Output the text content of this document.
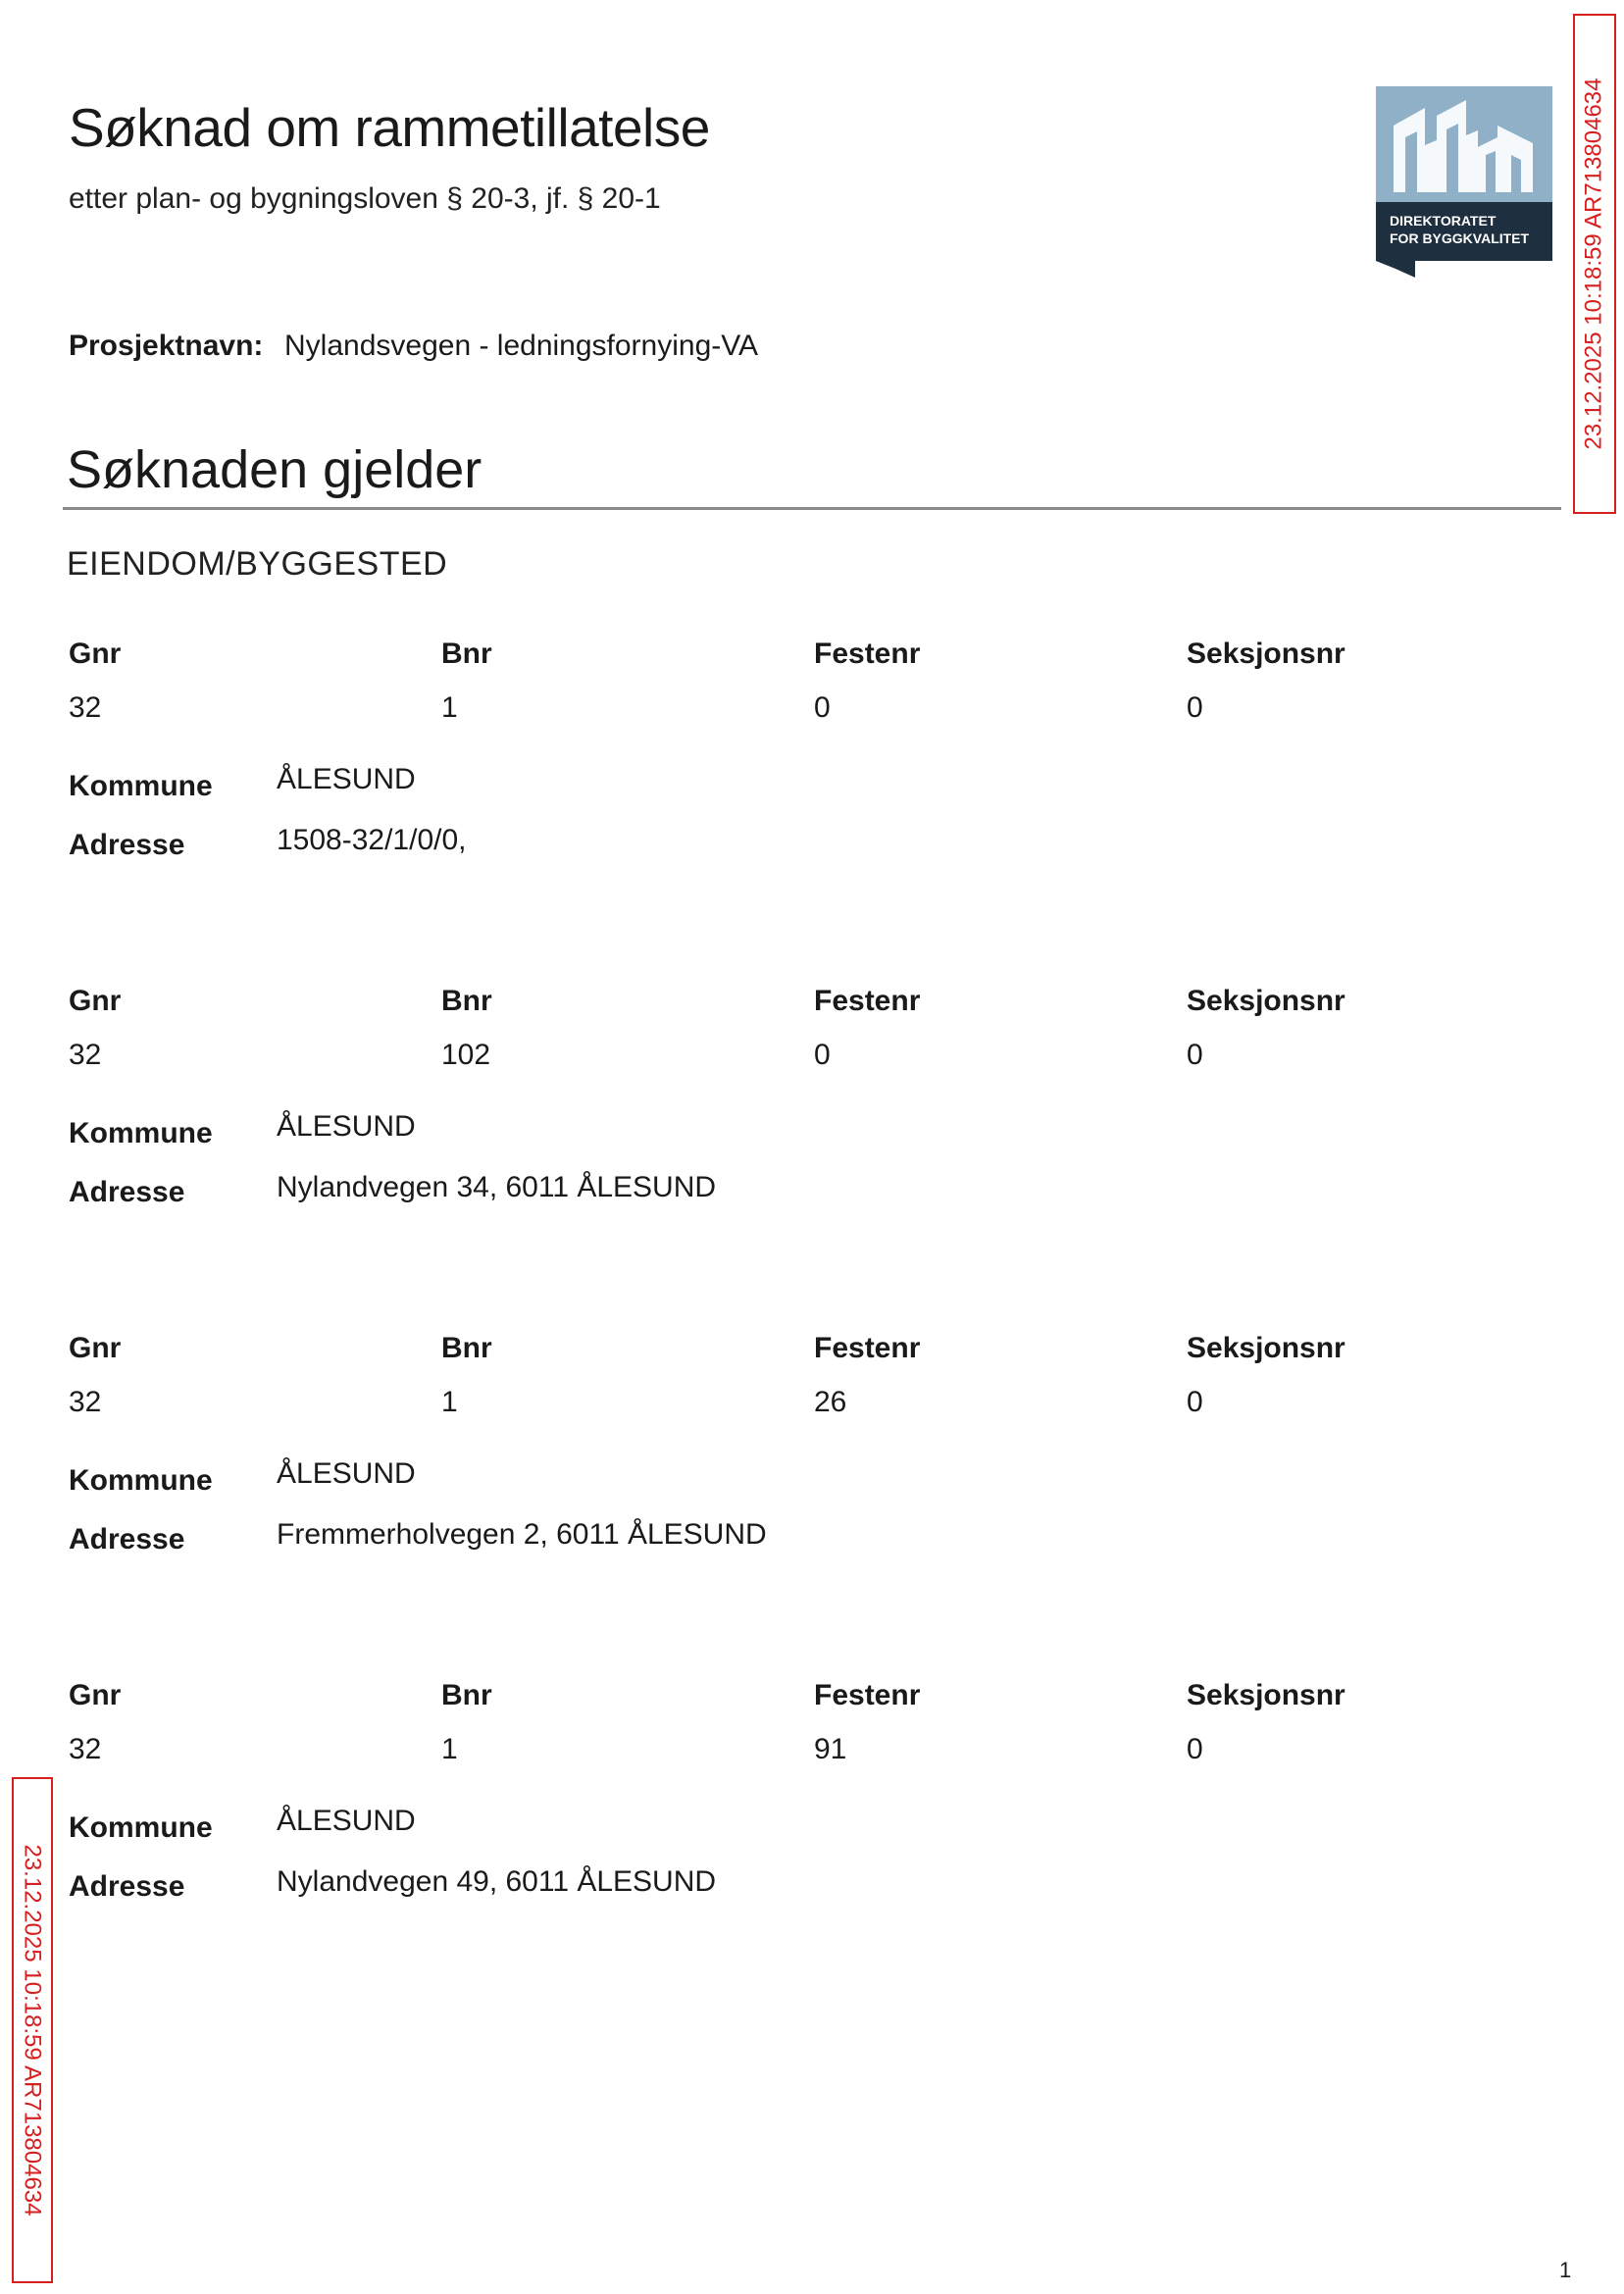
Søknad om rammetillatelse
etter plan- og bygningsloven § 20-3, jf. § 20-1
DIREKTORATET
FOR BYGGKVALITET
Prosjektnavn: Nylandsvegen - ledningsfornying-VA
Søknaden gjelder
EIENDOM/BYGGESTED
Gnr	Bnr	Festenr	Seksjonsnr
32	1	0	0
Kommune ÅLESUND
Adresse	1508-32/1/0/0,
Gnr	Bnr	Festenr	Seksjonsnr
32	102	0	0
Kommune ÅLESUND
Adresse	Nylandvegen 34, 6011 ÅLESUND
Gnr	Bnr	Festenr	Seksjonsnr
32	1	26	0
Kommune ÅLESUND
Adresse	Fremmerholvegen 2, 6011 ÅLESUND
Gnr	Bnr	Festenr	Seksjonsnr
32	1	91	0
Kommune ÅLESUND
Adresse	Nylandvegen 49, 6011 ÅLESUND
23.12.2025 10:18:59 AR713804634
23.12.2025 10:18:59 AR713804634
1
